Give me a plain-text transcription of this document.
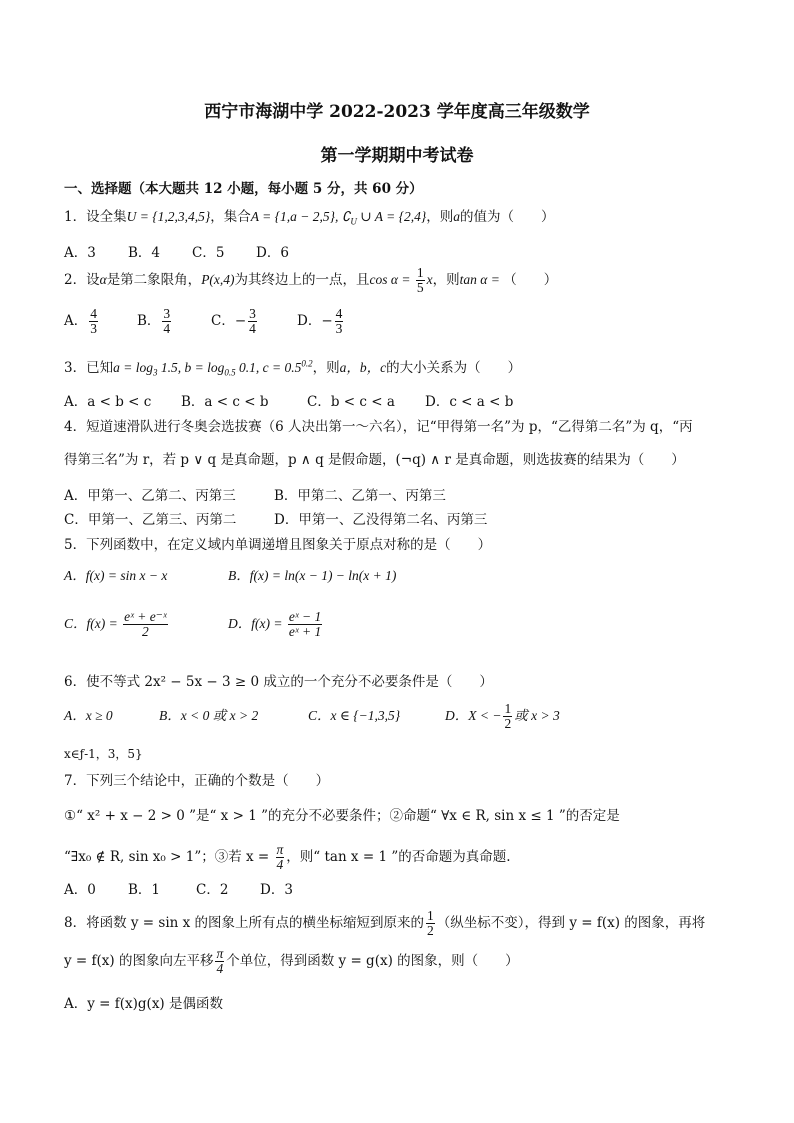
西宁市海湖中学 2022-2023 学年度高三年级数学
第一学期期中考试卷
一、选择题（本大题共 12 小题，每小题 5 分，共 60 分）
1．设全集U = {1,2,3,4,5}，集合A = {1,a − 2,5}, $∁_U$ ∪ A = {2,4}，则a的值为（　　）
A．3 B．4 C．5 D．6
2．设α是第二象限角，P(x,4)为其终边上的一点，且$\cos \alpha = \frac{1}{5}$ x，则tan α = （　　）
A． $\frac{4}{3}$	B． $\frac{3}{4}$	C．− $\frac{3}{4}$	D．− $\frac{4}{3}$
3．已知$a = \log_3 1.5$, $b = \log_{0.5} 0.1$, $c = 0.5^{0.2}$，则a，b，c的大小关系为（　　）
A．a < b < c B．a < c < b	C．b < c < a D．c < a < b
4．短道速滑队进行冬奥会选拔赛（6 人决出第一～六名），记“甲得第一名”为 p，“乙得第二名”为 q，“丙
得第三名”为 r，若 p ∨ q 是真命题，p ∧ q 是假命题，(¬q) ∧ r 是真命题，则选拔赛的结果为（　　）
A．甲第一、乙第二、丙第三	B．甲第二、乙第一、丙第三
C．甲第一、乙第三、丙第二	D．甲第一、乙没得第二名、丙第三
5．下列函数中，在定义域内单调递增且图象关于原点对称的是（　　）
A．f(x) = sin x − x	B．f(x) = ln(x − 1) − ln(x + 1)
C．$f(x) = \frac{\text{eˣ + e⁻ˣ}}{2}$	D．$f(x) = \frac{\text{eˣ − 1}}{\text{eˣ + 1}}$
6．使不等式 2x² − 5x − 3 ≥ 0 成立的一个充分不必要条件是（　　）
A．x ≥ 0	B．x < 0 或 x > 2	C．x ∈ {−1,3,5}	D．X < − $\frac{1}{2}$ 或 x > 3
x∈ƒ-1，3，5}
7．下列三个结论中，正确的个数是（　　）
①“ x² + x − 2 > 0 ”是“ x > 1 ”的充分不必要条件；②命题“ ∀x ∈ R, sin x ≤ 1 ”的否定是
“∃x₀ ∉ R, sin x₀ > 1”；③若 $x = \frac{\pi}{4}$ ，则“ tan x = 1 ”的否命题为真命题.
A．0 B．1	C．2 D．3
8．将函数 y = sin x 的图象上所有点的横坐标缩短到原来的 $\frac{1}{2}$ （纵坐标不变），得到 y = f(x) 的图象，再将
y = f(x) 的图象向左平移 $\frac{\pi}{4}$ 个单位，得到函数 y = g(x) 的图象，则（　　）
A．y = f(x)g(x) 是偶函数
